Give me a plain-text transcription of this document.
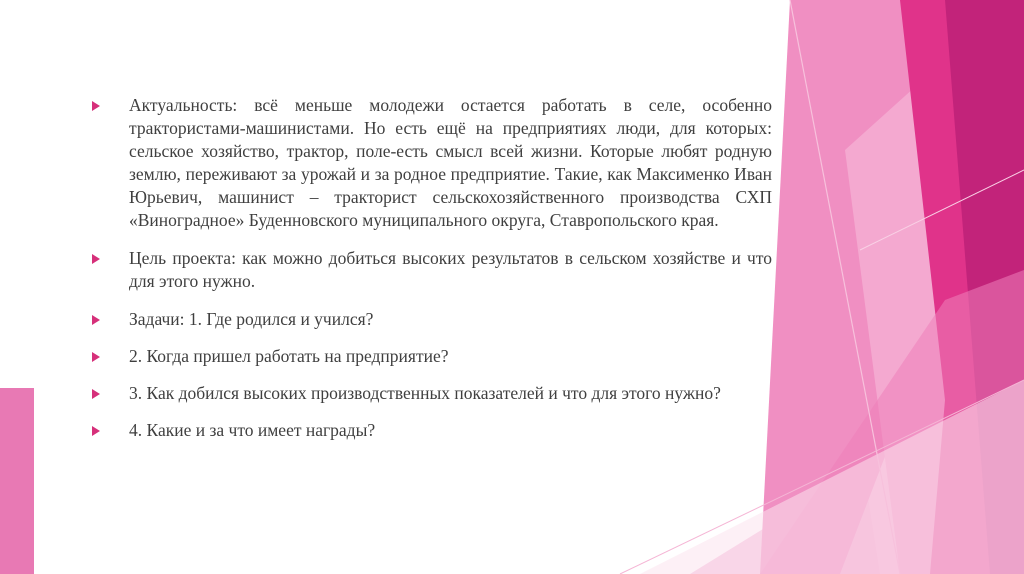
Актуальность: всё меньше молодежи остается работать в селе, особенно трактористами-машинистами. Но есть ещё на предприятиях люди, для которых: сельское хозяйство, трактор, поле-есть смысл всей жизни. Которые любят родную землю, переживают за урожай и за родное предприятие. Такие, как Максименко Иван Юрьевич, машинист – тракторист сельскохозяйственного производства СХП «Виноградное» Буденновского муниципального округа, Ставропольского края.
Цель проекта: как можно добиться высоких результатов в сельском хозяйстве и что для этого нужно.
Задачи: 1. Где родился и учился?
2. Когда пришел работать на предприятие?
3. Как добился высоких производственных показателей и что для этого нужно?
4. Какие и за что имеет награды?
